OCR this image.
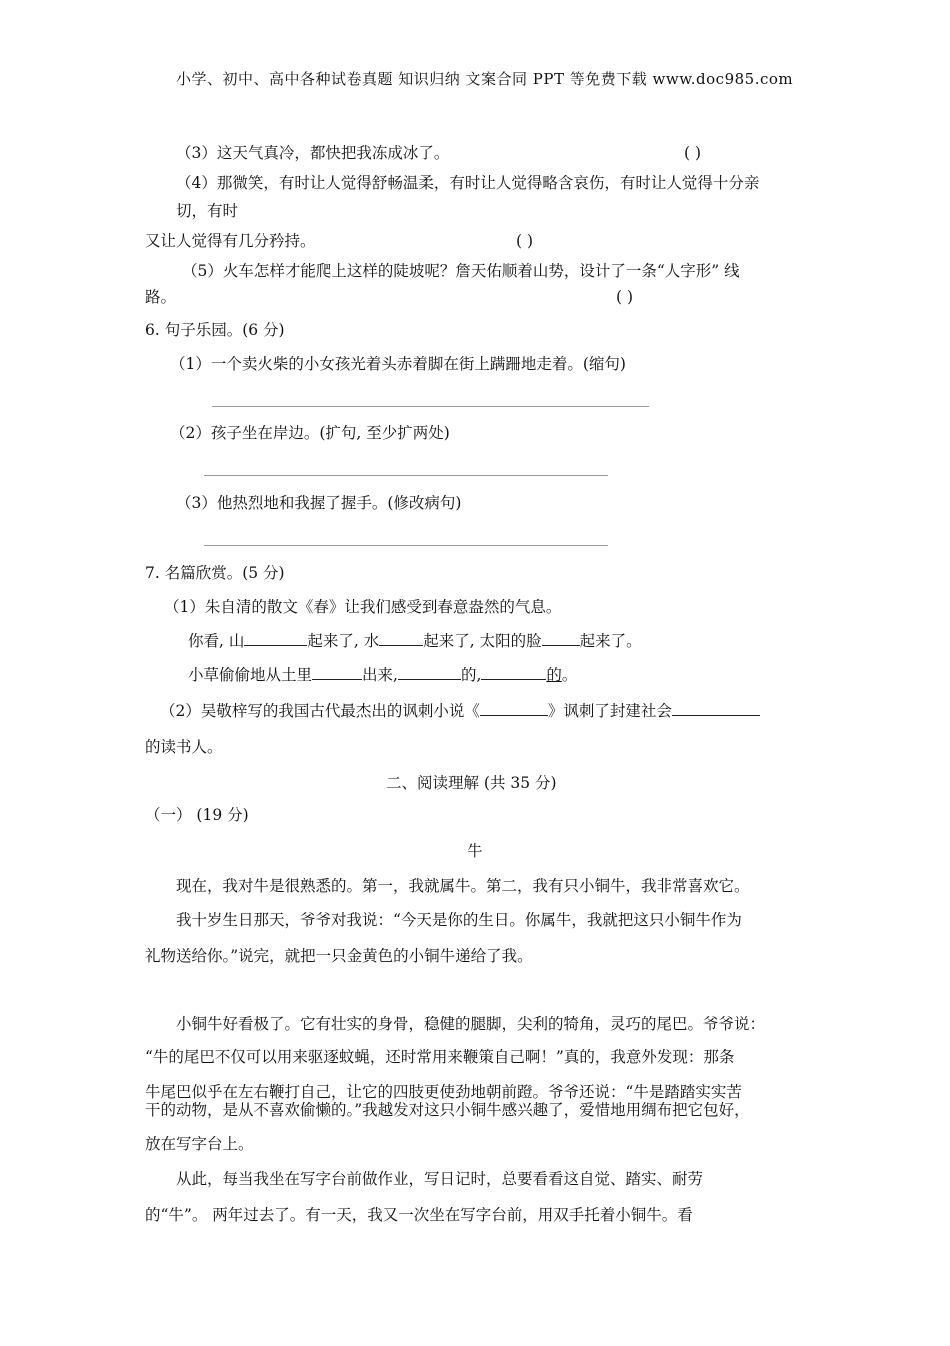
小学、初中、高中各种试卷真题 知识归纳 文案合同 PPT 等免费下载 www.doc985.com
（3）这天气真冷，都快把我冻成冰了。	( )
（4）那微笑，有时让人觉得舒畅温柔，有时让人觉得略含哀伤，有时让人觉得十分亲
切，有时
又让人觉得有几分矜持。	( )
（5）火车怎样才能爬上这样的陡坡呢？詹天佑顺着山势，设计了一条“人字形” 线
路。	( )
6. 句子乐园。(6 分)
（1）一个卖火柴的小女孩光着头赤着脚在街上蹒跚地走着。(缩句)
（2）孩子坐在岸边。(扩句, 至少扩两处)
（3）他热烈地和我握了握手。(修改病句)
7. 名篇欣赏。(5 分)
（1）朱自清的散文《春》让我们感受到春意盎然的气息。
你看, 山	起来了, 水	起来了, 太阳的脸 起来了。
小草偷偷地从土里	出来,	的,	的。
（2）吴敬梓写的我国古代最杰出的讽刺小说《	》讽刺了封建社会
的读书人。
二、阅读理解 (共 35 分)
（一） (19 分)
牛
现在，我对牛是很熟悉的。第一，我就属牛。第二，我有只小铜牛，我非常喜欢它。
我十岁生日那天，爷爷对我说：“今天是你的生日。你属牛，我就把这只小铜牛作为
礼物送给你。”说完，就把一只金黄色的小铜牛递给了我。
小铜牛好看极了。它有壮实的身骨，稳健的腿脚，尖利的犄角，灵巧的尾巴。爷爷说：
“牛的尾巴不仅可以用来驱逐蚊蝇，还时常用来鞭策自己啊！”真的，我意外发现：那条
牛尾巴似乎在左右鞭打自己，让它的四肢更使劲地朝前蹬。爷爷还说：“牛是踏踏实实苦
干的动物，是从不喜欢偷懒的。”我越发对这只小铜牛感兴趣了，爱惜地用绸布把它包好，
放在写字台上。
从此，每当我坐在写字台前做作业，写日记时，总要看看这自觉、踏实、耐劳
的“牛”。 两年过去了。有一天，我又一次坐在写字台前，用双手托着小铜牛。看
